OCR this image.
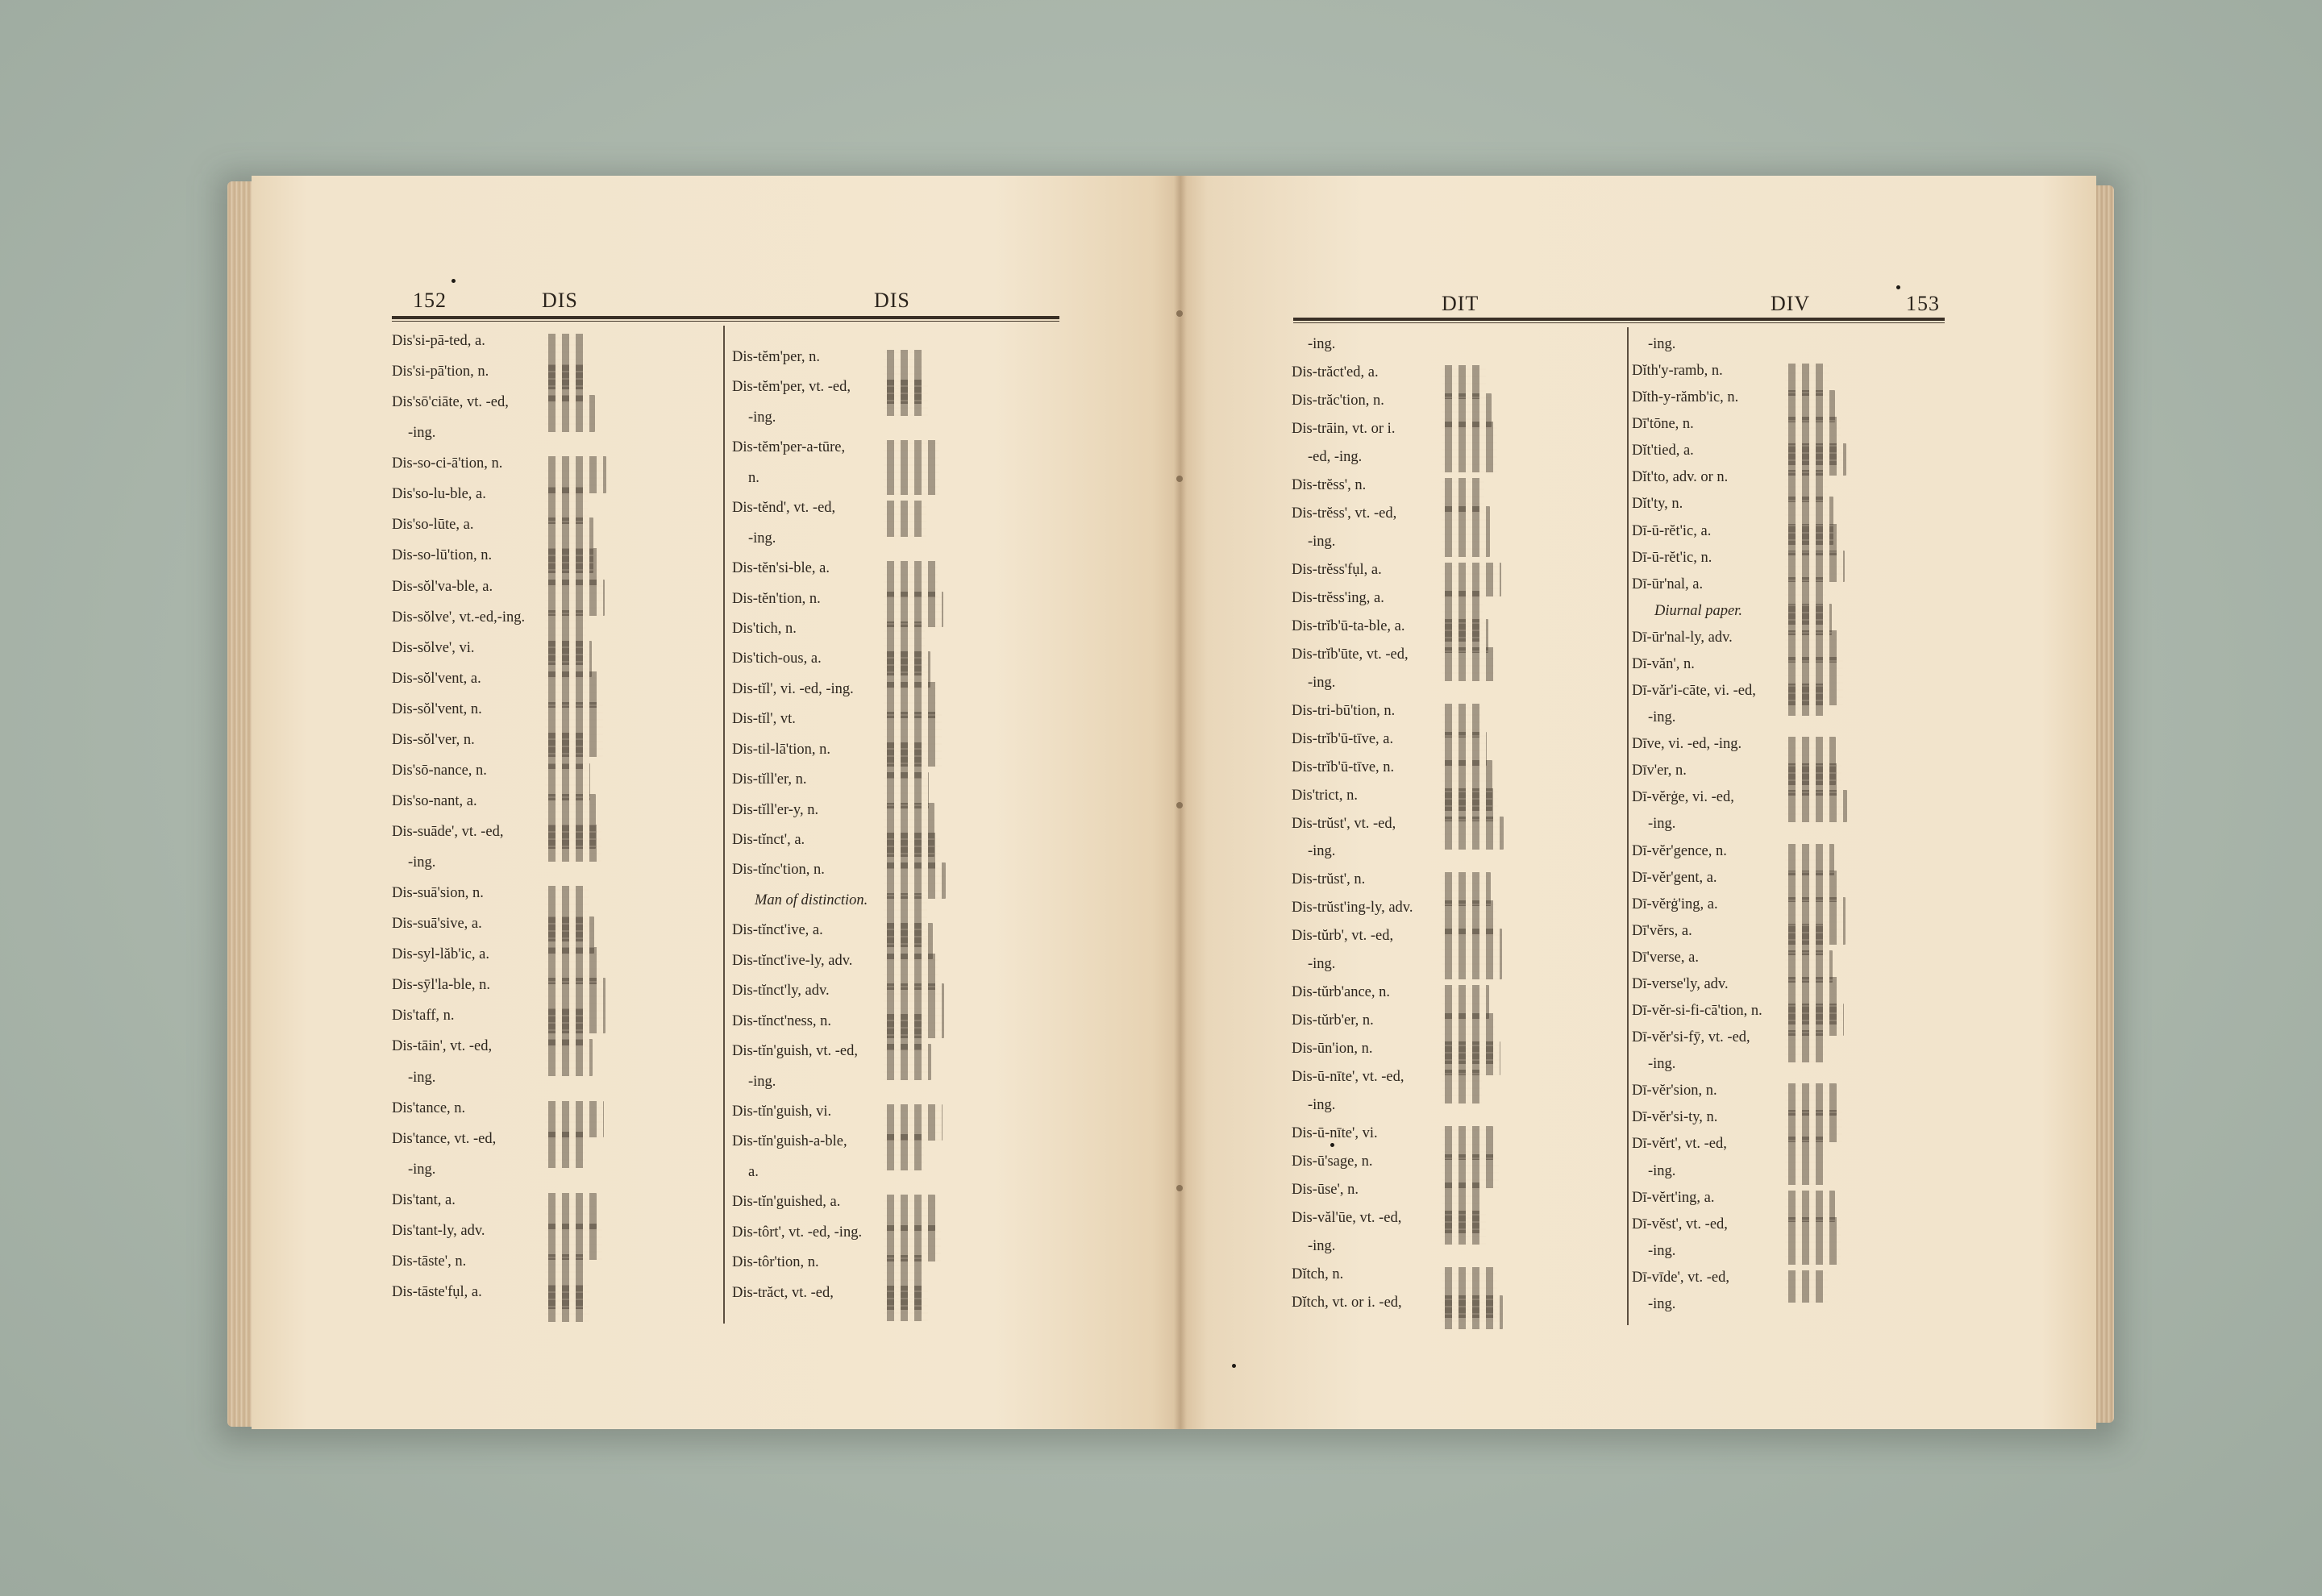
152	DIS	DIS	DIT	DIV	153
Dis'si-pā-ted, a.
Dis'si-pā'tion, n.
Dis'sō'ciāte, vt. -ed,
-ing.
Dis-so-ci-ā'tion, n.
Dis'so-lu-ble, a.
Dis'so-lūte, a.
Dis-so-lū'tion, n.
Dis-sŏl'va-ble, a.
Dis-sŏlve', vt.-ed,-ing.
Dis-sŏlve', vi.
Dis-sŏl'vent, a.
Dis-sŏl'vent, n.
Dis-sŏl'ver, n.
Dis'sō-nance, n.
Dis'so-nant, a.
Dis-suāde', vt. -ed,
-ing.
Dis-suā'sion, n.
Dis-suā'sive, a.
Dis-syl-lăb'ic, a.
Dis-sȳl'la-ble, n.
Dis'taff, n.
Dis-tāin', vt. -ed,
-ing.
Dis'tance, n.
Dis'tance, vt. -ed,
-ing.
Dis'tant, a.
Dis'tant-ly, adv.
Dis-tāste', n.
Dis-tāste'fụl, a.
Dis-tĕm'per, n.
Dis-tĕm'per, vt. -ed,
-ing.
Dis-tĕm'per-a-tūre,
n.
Dis-tĕnd', vt. -ed,
-ing.
Dis-tĕn'si-ble, a.
Dis-tĕn'tion, n.
Dis'tich, n.
Dis'tich-ous, a.
Dis-tĭl', vi. -ed, -ing.
Dis-tĭl', vt.
Dis-til-lā'tion, n.
Dis-tĭll'er, n.
Dis-tĭll'er-y, n.
Dis-tĭnct', a.
Dis-tĭnc'tion, n.
Man of distinction.
Dis-tĭnct'ive, a.
Dis-tĭnct'ive-ly, adv.
Dis-tĭnct'ly, adv.
Dis-tĭnct'ness, n.
Dis-tĭn'guish, vt. -ed,
-ing.
Dis-tĭn'guish, vi.
Dis-tĭn'guish-a-ble,
a.
Dis-tĭn'guished, a.
Dis-tôrt', vt. -ed, -ing.
Dis-tôr'tion, n.
Dis-trăct, vt. -ed,
-ing.
Dis-trăct'ed, a.
Dis-trăc'tion, n.
Dis-trāin, vt. or i.
-ed, -ing.
Dis-trĕss', n.
Dis-trĕss', vt. -ed,
-ing.
Dis-trĕss'fụl, a.
Dis-trĕss'ing, a.
Dis-trĭb'ū-ta-ble, a.
Dis-trĭb'ūte, vt. -ed,
-ing.
Dis-tri-bū'tion, n.
Dis-trĭb'ū-tīve, a.
Dis-trĭb'ū-tīve, n.
Dis'trict, n.
Dis-trŭst', vt. -ed,
-ing.
Dis-trŭst', n.
Dis-trŭst'ing-ly, adv.
Dis-tŭrb', vt. -ed,
-ing.
Dis-tŭrb'ance, n.
Dis-tŭrb'er, n.
Dis-ūn'ion, n.
Dis-ū-nīte', vt. -ed,
-ing.
Dis-ū-nīte', vi.
Dis-ū'sage, n.
Dis-ūse', n.
Dis-văl'ūe, vt. -ed,
-ing.
Dĭtch, n.
Dĭtch, vt. or i. -ed,
-ing.
Dĭth'y-ramb, n.
Dĭth-y-rămb'ic, n.
Dī'tōne, n.
Dĭt'tied, a.
Dĭt'to, adv. or n.
Dĭt'ty, n.
Dī-ū-rĕt'ic, a.
Dī-ū-rĕt'ic, n.
Dī-ūr'nal, a.
Diurnal paper.
Dī-ūr'nal-ly, adv.
Dī-văn', n.
Dī-văr'i-cāte, vi. -ed,
-ing.
Dīve, vi. -ed, -ing.
Dīv'er, n.
Dī-vĕrġe, vi. -ed,
-ing.
Dī-vĕr'gence, n.
Dī-vĕr'gent, a.
Dī-vĕrġ'ing, a.
Dī'vĕrs, a.
Dī'verse, a.
Dī-verse'ly, adv.
Dī-vĕr-si-fi-cā'tion, n.
Dī-vĕr'si-fȳ, vt. -ed,
-ing.
Dī-vĕr'sion, n.
Dī-vĕr'si-ty, n.
Dī-vĕrt', vt. -ed,
-ing.
Dī-vĕrt'ing, a.
Dī-vĕst', vt. -ed,
-ing.
Dī-vīde', vt. -ed,
-ing.
